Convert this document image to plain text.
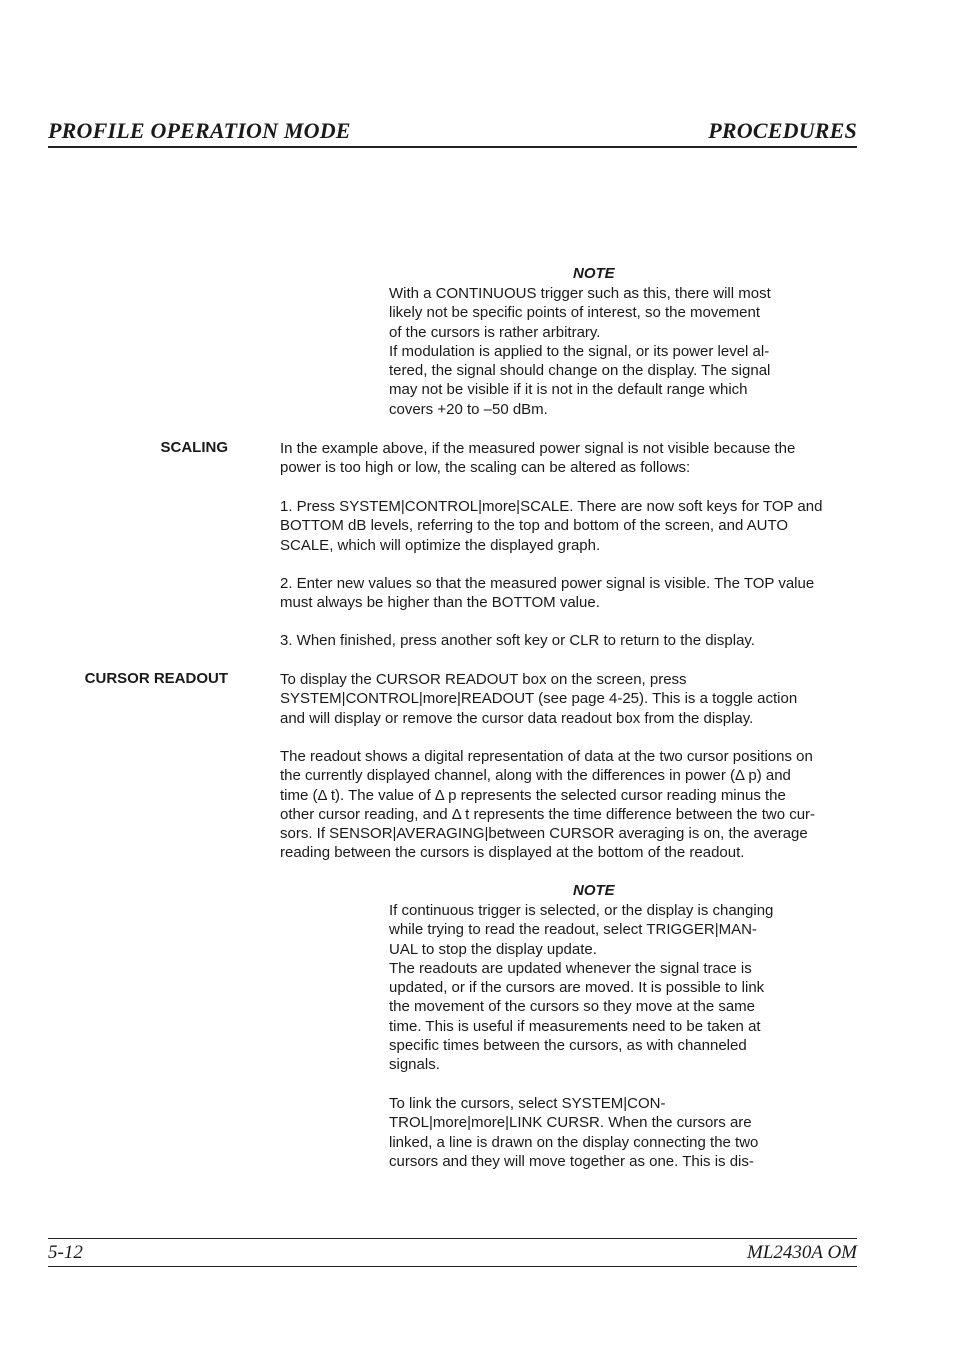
PROFILE OPERATION MODE	PROCEDURES
NOTE
With a CONTINUOUS trigger such as this, there will most
likely not be specific points of interest, so the movement
of the cursors is rather arbitrary.
If modulation is applied to the signal, or its power level al-
tered, the signal should change on the display. The signal
may not be visible if it is not in the default range which
covers +20 to –50 dBm.
SCALING	In the example above, if the measured power signal is not visible because the
power is too high or low, the scaling can be altered as follows:
1. Press SYSTEM|CONTROL|more|SCALE. There are now soft keys for TOP and
BOTTOM dB levels, referring to the top and bottom of the screen, and AUTO
SCALE, which will optimize the displayed graph.
2. Enter new values so that the measured power signal is visible. The TOP value
must always be higher than the BOTTOM value.
3. When finished, press another soft key or CLR to return to the display.
CURSOR READOUT	To display the CURSOR READOUT box on the screen, press
SYSTEM|CONTROL|more|READOUT (see page 4-25). This is a toggle action
and will display or remove the cursor data readout box from the display.
The readout shows a digital representation of data at the two cursor positions on
the currently displayed channel, along with the differences in power (Δ p) and
time (Δ t). The value of Δ p represents the selected cursor reading minus the
other cursor reading, and Δ t represents the time difference between the two cur-
sors. If SENSOR|AVERAGING|between CURSOR averaging is on, the average
reading between the cursors is displayed at the bottom of the readout.
NOTE
If continuous trigger is selected, or the display is changing
while trying to read the readout, select TRIGGER|MAN-
UAL to stop the display update.
The readouts are updated whenever the signal trace is
updated, or if the cursors are moved. It is possible to link
the movement of the cursors so they move at the same
time. This is useful if measurements need to be taken at
specific times between the cursors, as with channeled
signals.
To link the cursors, select SYSTEM|CON-
TROL|more|more|LINK CURSR. When the cursors are
linked, a line is drawn on the display connecting the two
cursors and they will move together as one. This is dis-
5-12	ML2430A OM
